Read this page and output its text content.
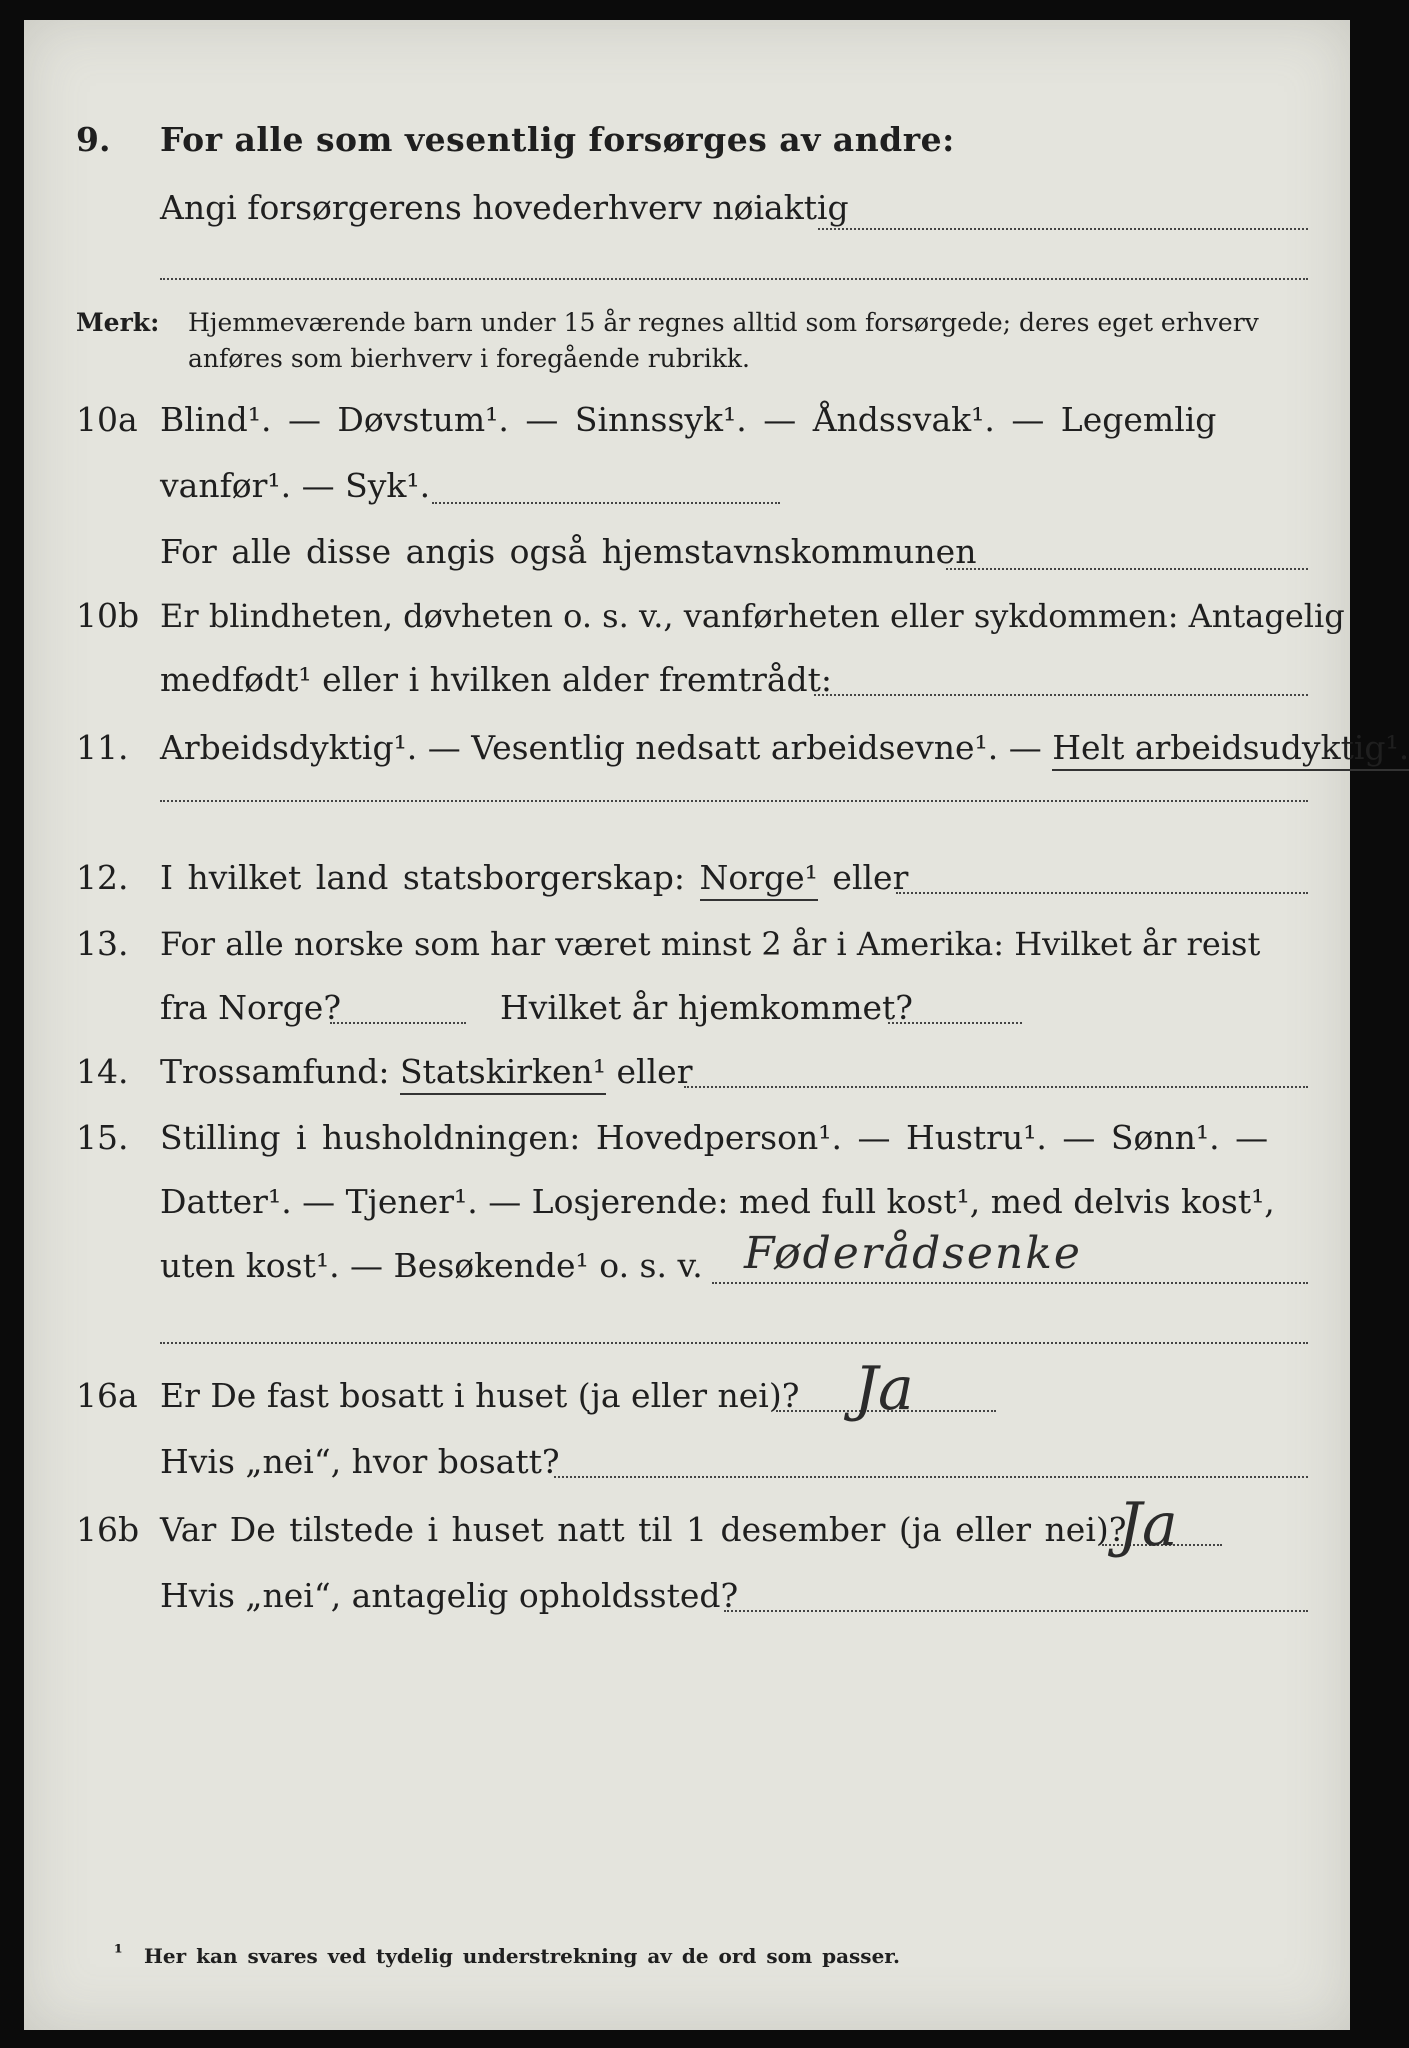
9. For alle som vesentlig forsørges av andre:
Angi forsørgerens hovederhverv nøiaktig
Merk: Hjemmeværende barn under 15 år regnes alltid som forsørgede; deres eget erhverv
anføres som bierhverv i foregående rubrikk.
10a Blind¹. — Døvstum¹. — Sinnssyk¹. — Åndssvak¹. — Legemlig
vanfør¹. — Syk¹.
For alle disse angis også hjemstavnskommunen
10b Er blindheten, døvheten o. s. v., vanførheten eller sykdommen: Antagelig
medfødt¹ eller i hvilken alder fremtrådt:
11. Arbeidsdyktig¹. — Vesentlig nedsatt arbeidsevne¹. — Helt arbeidsudyktig¹.
12. I hvilket land statsborgerskap: Norge¹ eller
13. For alle norske som har været minst 2 år i Amerika: Hvilket år reist
fra Norge?	Hvilket år hjemkommet?
14. Trossamfund: Statskirken¹ eller
15. Stilling i husholdningen: Hovedperson¹. — Hustru¹. — Sønn¹. —
Datter¹. — Tjener¹. — Losjerende: med full kost¹, med delvis kost¹,
uten kost¹. — Besøkende¹ o. s. v. Føderådsenke
16a Er De fast bosatt i huset (ja eller nei)? Ja
Hvis „nei“, hvor bosatt?
16b Var De tilstede i huset natt til 1 desember (ja eller nei)?
Ja
Hvis „nei“, antagelig opholdssted?
¹ Her kan svares ved tydelig understrekning av de ord som passer.
